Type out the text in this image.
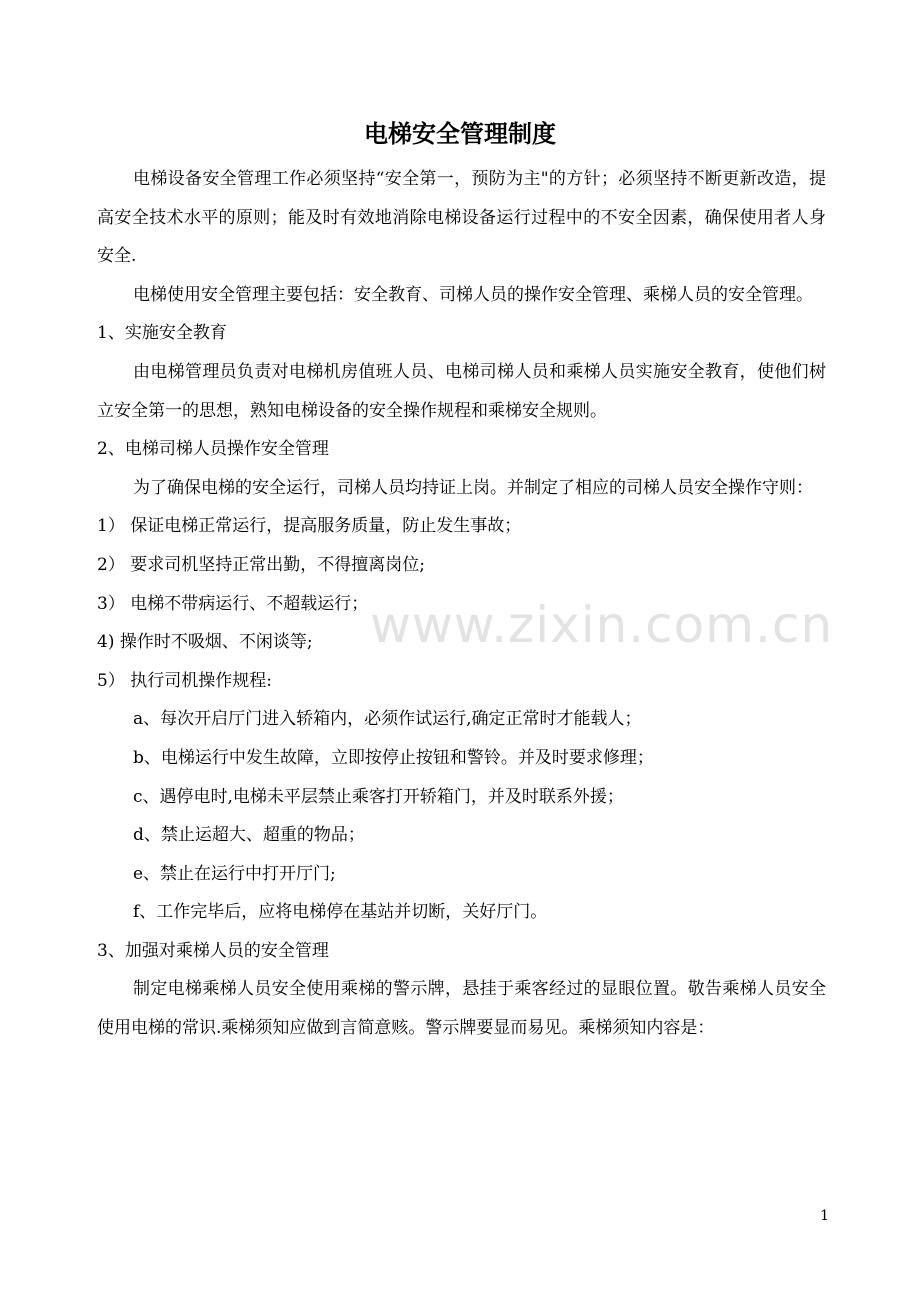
电梯安全管理制度

电梯设备安全管理工作必须坚持“安全第一，预防为主"的方针；必须坚持不断更新改造，提高安全技术水平的原则；能及时有效地消除电梯设备运行过程中的不安全因素，确保使用者人身安全.

电梯使用安全管理主要包括：安全教育、司梯人员的操作安全管理、乘梯人员的安全管理。

1、实施安全教育

由电梯管理员负责对电梯机房值班人员、电梯司梯人员和乘梯人员实施安全教育，使他们树立安全第一的思想，熟知电梯设备的安全操作规程和乘梯安全规则。

2、电梯司梯人员操作安全管理

为了确保电梯的安全运行，司梯人员均持证上岗。并制定了相应的司梯人员安全操作守则：

1） 保证电梯正常运行，提高服务质量，防止发生事故；

2） 要求司机坚持正常出勤，不得擅离岗位;

3） 电梯不带病运行、不超载运行；

4) 操作时不吸烟、不闲谈等;

5） 执行司机操作规程:

a、每次开启厅门进入轿箱内，必须作试运行,确定正常时才能载人；

b、电梯运行中发生故障，立即按停止按钮和警铃。并及时要求修理；

c、遇停电时,电梯未平层禁止乘客打开轿箱门，并及时联系外援；

d、禁止运超大、超重的物品；

e、禁止在运行中打开厅门;

f、工作完毕后，应将电梯停在基站并切断，关好厅门。

3、加强对乘梯人员的安全管理

制定电梯乘梯人员安全使用乘梯的警示牌，悬挂于乘客经过的显眼位置。敬告乘梯人员安全使用电梯的常识.乘梯须知应做到言简意赅。警示牌要显而易见。乘梯须知内容是：

www.zixin.com.cn
1
